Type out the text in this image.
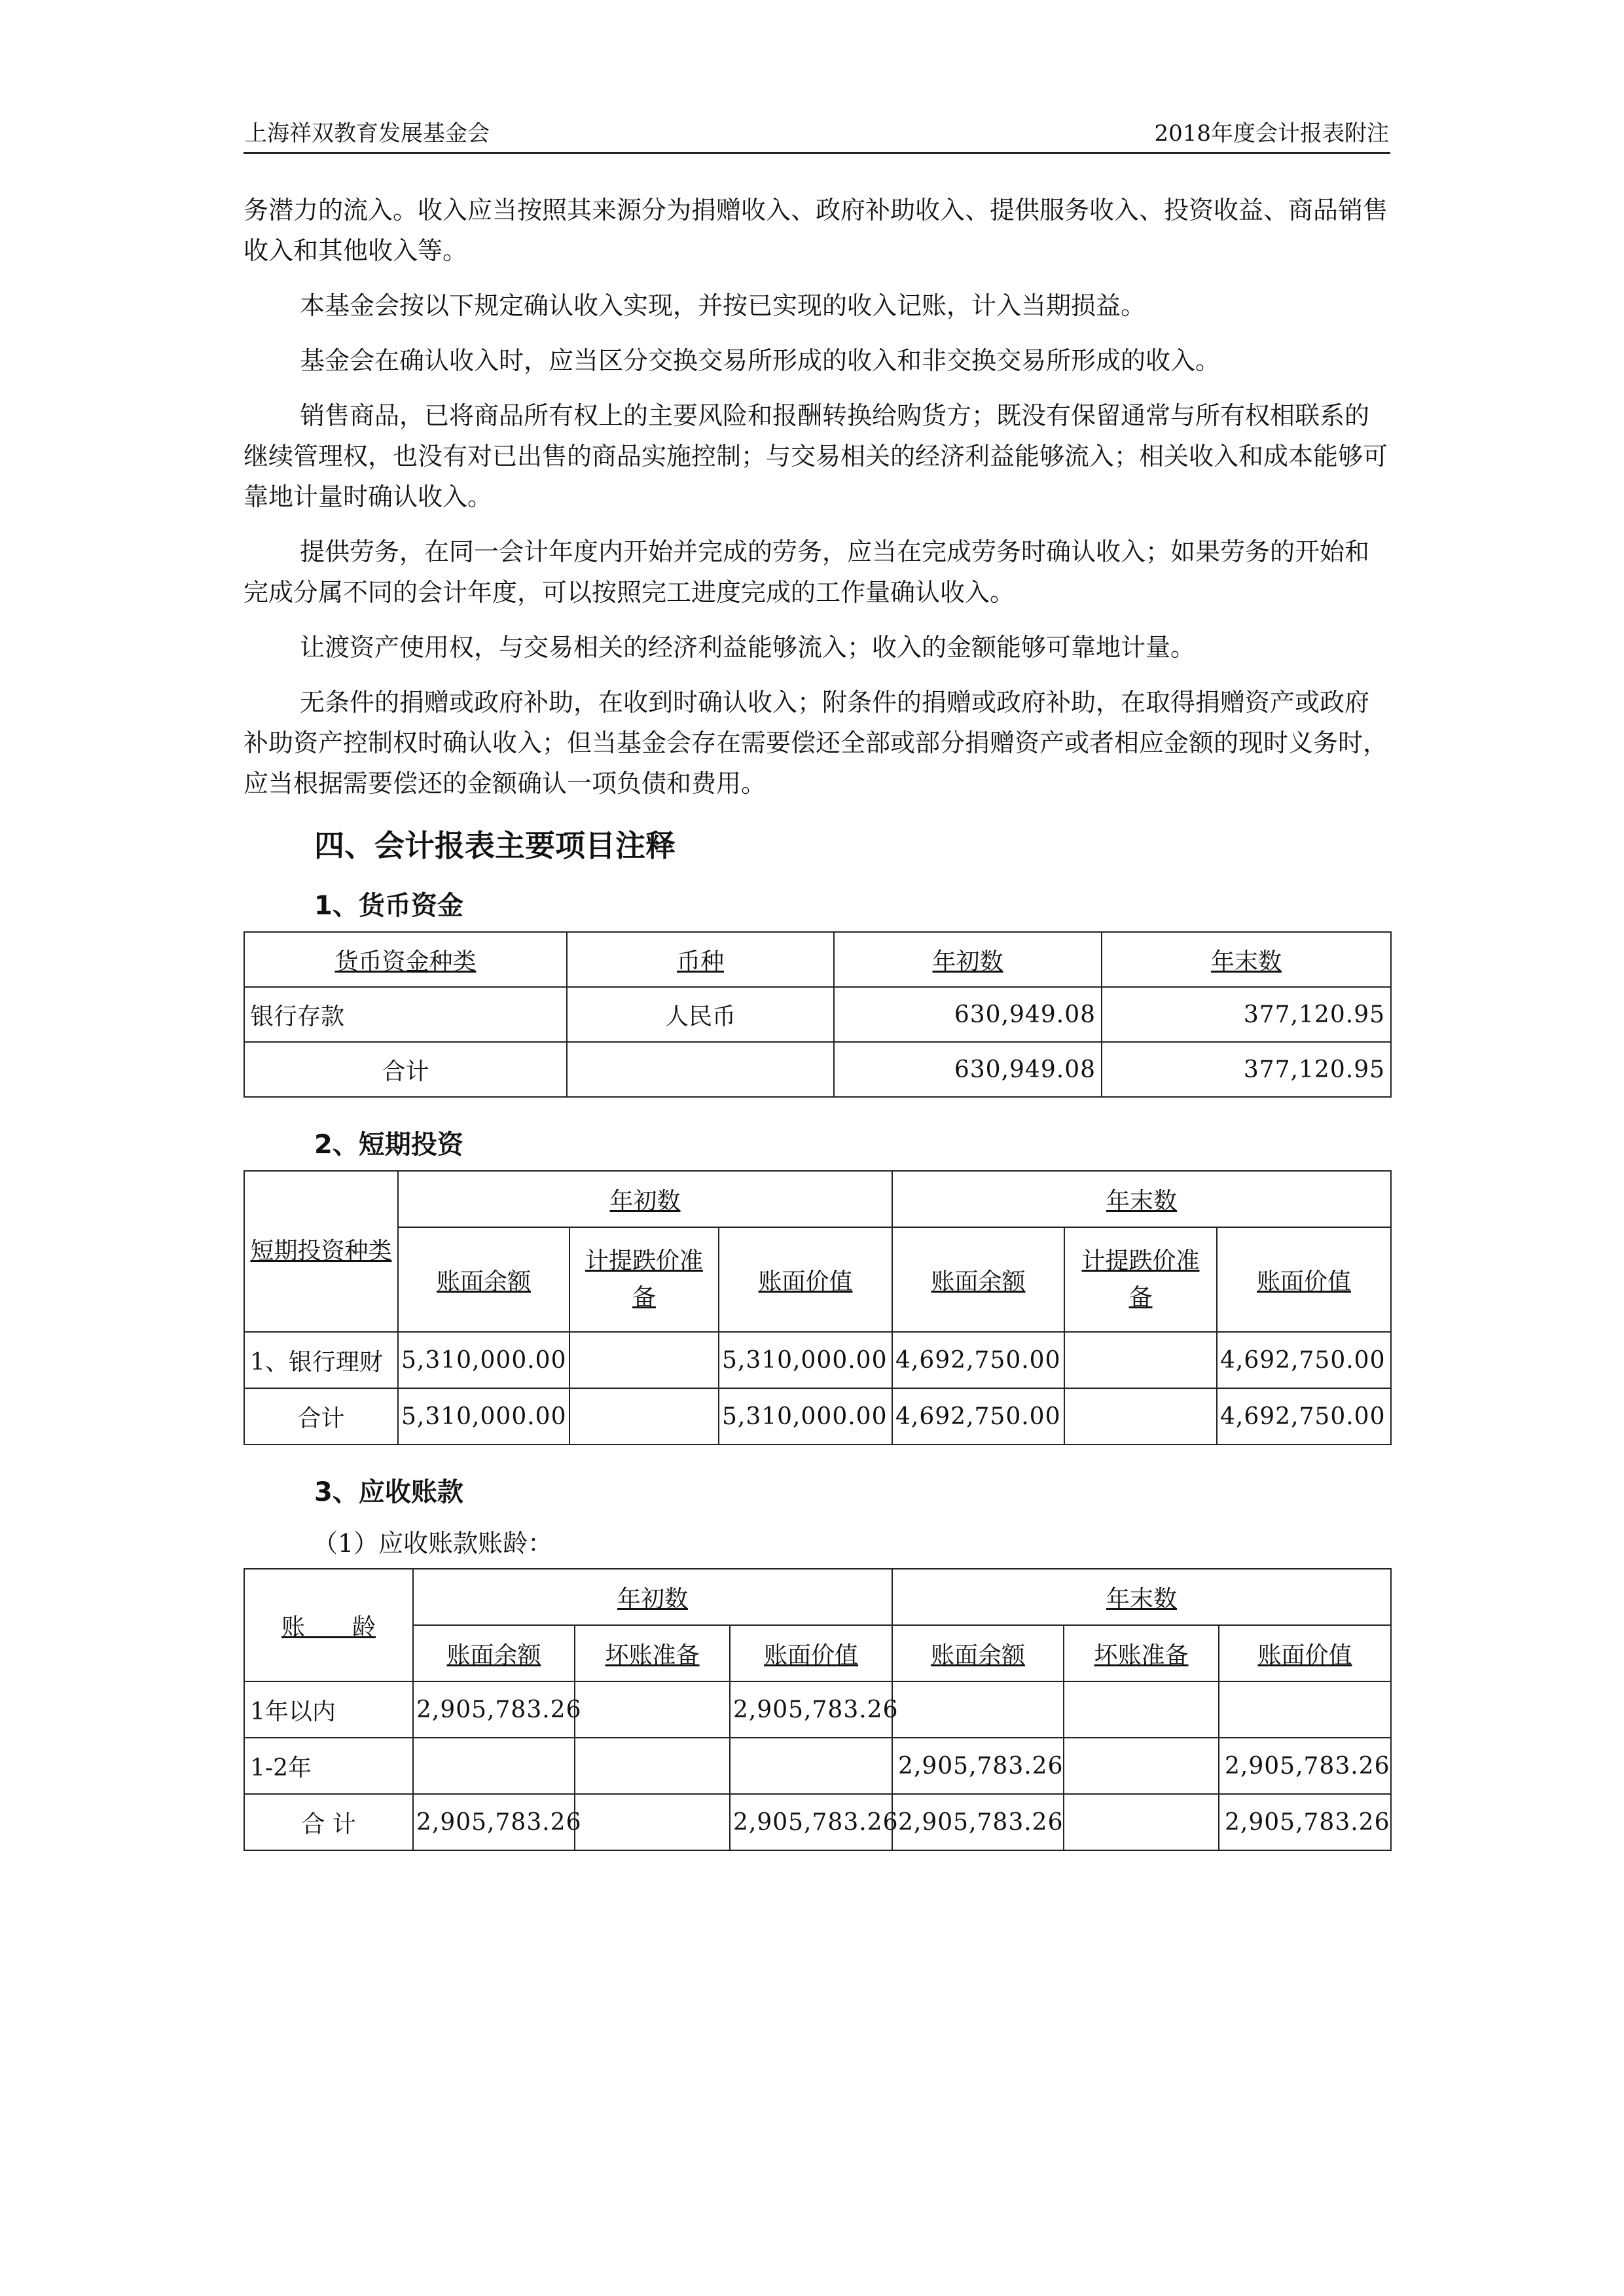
上海祥双教育发展基金会	2018年度会计报表附注

务潜力的流入。收入应当按照其来源分为捐赠收入、政府补助收入、提供服务收入、投资收益、商品销售收入和其他收入等。

本基金会按以下规定确认收入实现，并按已实现的收入记账，计入当期损益。

基金会在确认收入时，应当区分交换交易所形成的收入和非交换交易所形成的收入。

销售商品，已将商品所有权上的主要风险和报酬转换给购货方；既没有保留通常与所有权相联系的继续管理权，也没有对已出售的商品实施控制；与交易相关的经济利益能够流入；相关收入和成本能够可靠地计量时确认收入。

提供劳务，在同一会计年度内开始并完成的劳务，应当在完成劳务时确认收入；如果劳务的开始和完成分属不同的会计年度，可以按照完工进度完成的工作量确认收入。

让渡资产使用权，与交易相关的经济利益能够流入；收入的金额能够可靠地计量。

无条件的捐赠或政府补助，在收到时确认收入；附条件的捐赠或政府补助，在取得捐赠资产或政府补助资产控制权时确认收入；但当基金会存在需要偿还全部或部分捐赠资产或者相应金额的现时义务时，应当根据需要偿还的金额确认一项负债和费用。

四、会计报表主要项目注释
1、货币资金
货币资金种类	币种	年初数	年末数
银行存款	人民币	630,949.08	377,120.95
合计		630,949.08	377,120.95
2、短期投资
短期投资种类	年初数			年末数		
	账面余额	计提跌价准备	账面价值	账面余额	计提跌价准备	账面价值
1、银行理财	5,310,000.00		5,310,000.00	4,692,750.00		4,692,750.00
合计	5,310,000.00		5,310,000.00	4,692,750.00		4,692,750.00
3、应收账款
（1）应收账款账龄：
账　　龄	年初数			年末数		
	账面余额	坏账准备	账面价值	账面余额	坏账准备	账面价值
1年以内	2,905,783.26		2,905,783.26			
1-2年				2,905,783.26		2,905,783.26
合 计	2,905,783.26		2,905,783.26	2,905,783.26		2,905,783.26
